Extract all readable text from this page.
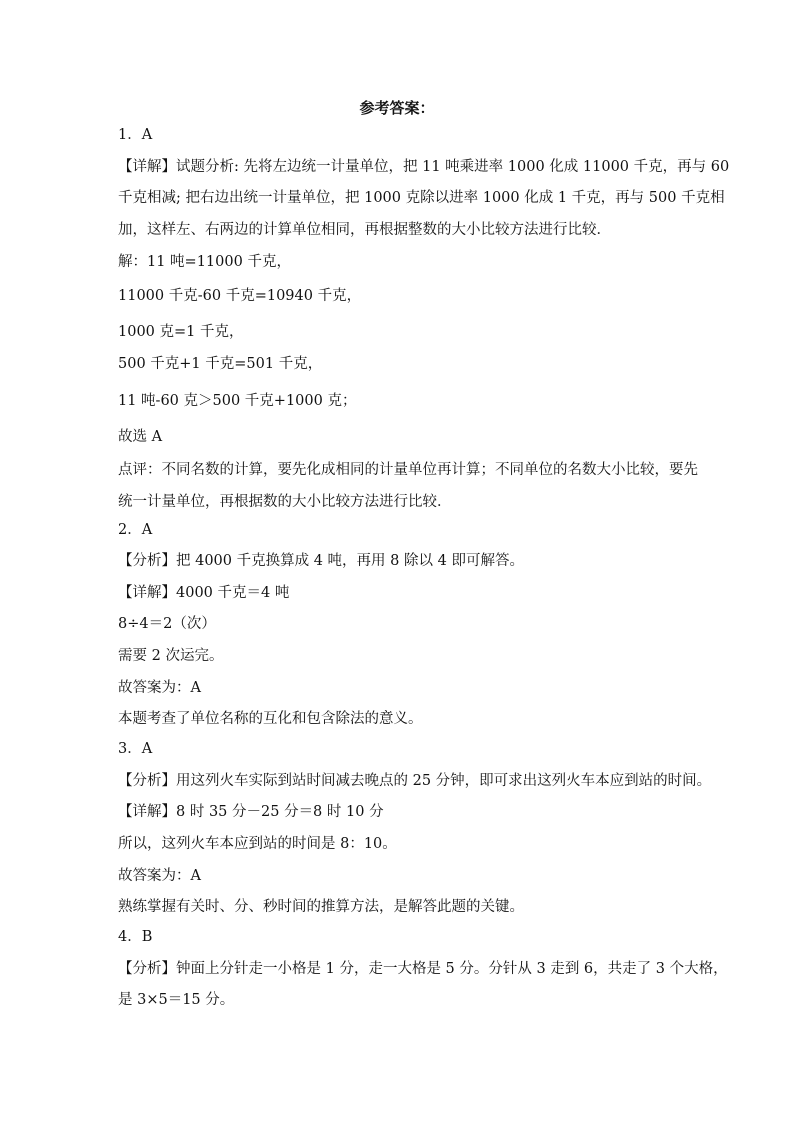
参考答案：
1．A
【详解】试题分析: 先将左边统一计量单位，把 11 吨乘进率 1000 化成 11000 千克，再与 60
千克相减; 把右边出统一计量单位，把 1000 克除以进率 1000 化成 1 千克，再与 500 千克相
加，这样左、右两边的计算单位相同，再根据整数的大小比较方法进行比较．
解：11 吨=11000 千克，
11000 千克-60 千克=10940 千克，
1000 克=1 千克，
500 千克+1 千克=501 千克，
11 吨-60 克＞500 千克+1000 克；
故选 A
点评：不同名数的计算，要先化成相同的计量单位再计算；不同单位的名数大小比较，要先
统一计量单位，再根据数的大小比较方法进行比较．
2．A
【分析】把 4000 千克换算成 4 吨，再用 8 除以 4 即可解答。
【详解】4000 千克＝4 吨
8÷4＝2（次）
需要 2 次运完。
故答案为：A
本题考查了单位名称的互化和包含除法的意义。
3．A
【分析】用这列火车实际到站时间减去晚点的 25 分钟，即可求出这列火车本应到站的时间。
【详解】8 时 35 分－25 分＝8 时 10 分
所以，这列火车本应到站的时间是 8：10。
故答案为：A
熟练掌握有关时、分、秒时间的推算方法，是解答此题的关键。
4．B
【分析】钟面上分针走一小格是 1 分，走一大格是 5 分。分针从 3 走到 6，共走了 3 个大格，
是 3×5＝15 分。
